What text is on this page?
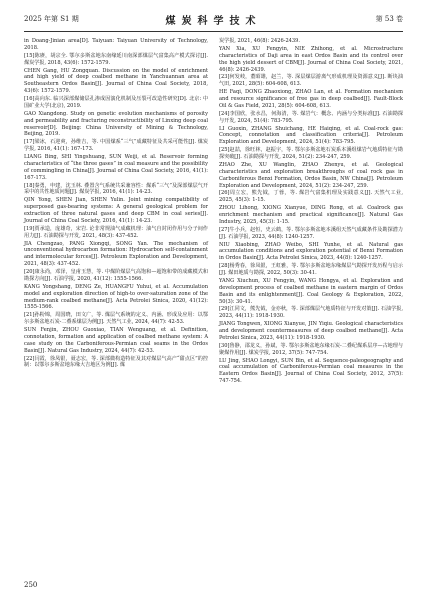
2025 年第 S1 期	煤炭科学技术	第 53 卷
in Doang-Jinian area[D]. Taiyuan: Taiyuan University of Technology, 2018.
[15]陈赓，胡宗全. 鄂尔多斯盆地东南缘延川南深部煤层气富集高产模式探讨[J]. 煤炭学报, 2018, 43(6): 1572-1579.
CHEN Gang, HU Zongquan. Discussion on the model of enrichment and high yield of deep coalbed methane in Yanchuannan area at Southeastern Ordos Basin[J]. Journal of China Coal Society, 2018, 43(6): 1572-1579.
[16]高向东. 临兴深部煤储层孔渗成因演化机制及压裂可改造性研究[D]. 北京: 中国矿业大学(北京), 2019.
GAO Xiangdong. Study on genetic evolution mechanisms of porosity and permeability and fracturing reconstructibility of Linxing deep coal reservoir[D]. Beijing: China University of Mining & Technology, Beijing, 2019.
[17]梁冰，石迎爽，孙维吉，等. 中国煤系“三气”成藏特征及共采可能性[J]. 煤炭学报, 2016, 41(1): 167-173.
LIANG Bing, SHI Yingshuang, SUN Weiji, et al. Reservoir forming characteristics of “the three gases” in coal measure and the possibility of commingling in China[J]. Journal of China Coal Society, 2016, 41(1): 167-173.
[18]秦勇，申建，沈玉林. 叠置含气系统共采兼容性：煤系“三气”及深部煤层气开采中的共性地质问题[J]. 煤炭学报, 2016, 41(1): 14-23.
QIN Yong, SHEN Jian, SHEN Yulin. Joint mining compatibility of superposed gas-bearing systems: A general geological problem for extraction of three natural gases and deep CBM in coal series[J]. Journal of China Coal Society, 2016, 41(1): 14-23.
[19]贾承造，庞雄奇，宋岩. 论非常规油气成藏机理：油气自封闭作用与分子间作用力[J]. 石油勘探与开发, 2021, 48(3): 437-452.
JIA Chengzao, PANG Xiongqi, SONG Yan. The mechanism of unconventional hydrocarbon formation: Hydrocarbon self-containment and intermolecular forces[J]. Petroleum Exploration and Development, 2021, 48(3): 437-452.
[20]康永尚，邓泽，皇甫玉慧，等. 中煤阶煤层气高饱和—超饱和带的成藏模式和勘探方向[J]. 石油学报, 2020, 41(12): 1555-1566.
KANG Yongshang, DENG Ze, HUANGFU Yuhui, et al. Accumulation model and exploration direction of high-to over-saturation zone of the medium-rank coalbed methane[J]. Acta Petrolei Sinica, 2020, 41(12): 1555-1566.
[21]孙粉锦，周国晓，田文广，等. 煤层气系统的定义、内涵、形成及应用：以鄂尔多斯盆地石炭-二叠系煤层为例[J]. 天然气工业, 2024, 44(7): 42-53.
SUN Fenjin, ZHOU Guoxiao, TIAN Wenguang, et al. Definition, connotation, formation and application of coalbed methane system: A case study on the Carboniferous-Permian coal seams in the Ordos Basin[J]. Natural Gas Industry, 2024, 44(7): 42-53.
[22]闫霞，徐凤银，聂志宏，等. 深部微构造特征及其对煤层气高产“甜点区”的控制：以鄂尔多斯盆地东缘大吉地区为例[J]. 煤
炭学报, 2021, 46(8): 2426-2439.
YAN Xia, XU Fengyin, NIE Zhihong, et al. Microstructure characteristics of Daji area in east Ordos Basin and its control over the high yield dessert of CBM[J]. Journal of China Coal Society, 2021, 46(8): 2426-2439.
[23]何发岐，董昭雄，赵兰，等. 深层煤层游离气形成机理及资源意义[J]. 断块油气田, 2021, 28(5): 604-608, 613.
HE Faqi, DONG Zhaoxiong, ZHAO Lan, et al. Formation mechanism and resource significance of free gas in deep coalbed[J]. Fault-Block Oil & Gas Field, 2021, 28(5): 604-608, 613.
[24]李国欣，张水昌，何海清，等. 煤岩气：概念、内涵与分类标准[J]. 石油勘探与开发, 2024, 51(4): 783-795.
LI Guoxin, ZHANG Shuichang, HE Haiqing, et al. Coal-rock gas: Concept, connotation and classification criteria[J]. Petroleum Exploration and Development, 2024, 51(4): 783-795.
[25]赵喆，徐旺林，赵振宇，等. 鄂尔多斯盆地石炭系本溪组煤岩气地质特征与勘探突破[J]. 石油勘探与开发, 2024, 51(2): 234-247, 259.
ZHAO Zhe, XU Wanglin, ZHAO Zhenyu, et al. Geological characteristics and exploration breakthroughs of coal rock gas in Carboniferous Benxi Formation, Ordos Basin, NW China[J]. Petroleum Exploration and Development, 2024, 51(2): 234-247, 259.
[26]周立宏，熊先钺，丁蓉，等. 煤岩气富集机理及实践意义[J]. 天然气工业, 2025, 45(3): 1-15.
ZHOU Lihong, XIONG Xianyue, DING Rong, et al. Coalrock gas enrichment mechanism and practical significance[J]. Natural Gas Industry, 2025, 45(3): 1-15.
[27]牛小兵，赵恒，史云鹤，等. 鄂尔多斯盆地本溪组天然气成藏条件及勘探潜力[J]. 石油学报, 2023, 44(8): 1240-1257.
NIU Xiaobing, ZHAO Weibo, SHI Yunhe, et al. Natural gas accumulation conditions and exploration potential of Benxi Formation in Ordos Basin[J]. Acta Petrolei Sinica, 2023, 44(8): 1240-1257.
[28]杨秀春，徐凤银，王虹雅，等. 鄂尔多斯盆地东缘煤层气勘探开发历程与启示[J]. 煤田地质与勘探, 2022, 50(3): 30-41.
YANG Xiuchun, XU Fengyin, WANG Hongya, et al. Exploration and development process of coalbed methane in eastern margin of Ordos Basin and its enlightenment[J]. Coal Geology & Exploration, 2022, 50(3): 30-41.
[29]江同文，熊先钺，金亦秋，等. 深部煤层气地质特征与开发对策[J]. 石油学报, 2023, 44(11): 1918-1930.
JIANG Tongwen, XIONG Xianyue, JIN Yiqiu. Geological characteristics and development countermeasures of deep coalbed methane[J]. Acta Petrolei Sinica, 2023, 44(11): 1918-1930.
[30]鲁静，邵龙义，孙斌，等. 鄂尔多斯盆地东缘石炭-二叠纪煤系层序—古地理与聚煤作用[J]. 煤炭学报, 2012, 37(5): 747-754.
LU Jing, SHAO Longyi, SUN Bin, et al. Sequence-paleogeography and coal accumulation of Carboniferous-Permian coal measures in the Eastern Ordos Basin[J]. Journal of China Coal Society, 2012, 37(5): 747-754.
250
